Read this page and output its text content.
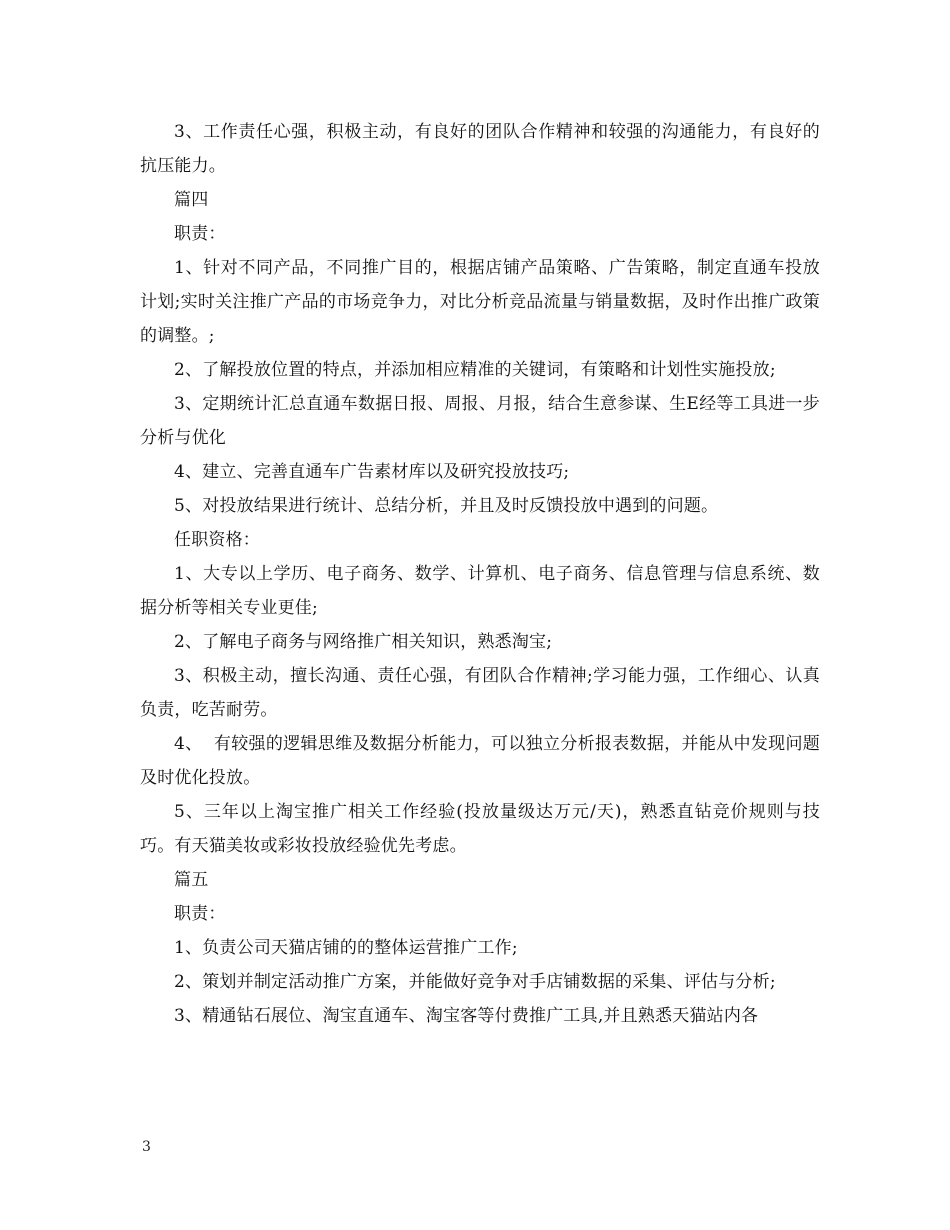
3、工作责任心强，积极主动，有良好的团队合作精神和较强的沟通能力，有良好的抗压能力。

篇四

职责：

1、针对不同产品，不同推广目的，根据店铺产品策略、广告策略，制定直通车投放计划;实时关注推广产品的市场竞争力，对比分析竞品流量与销量数据，及时作出推广政策的调整。;

2、了解投放位置的特点，并添加相应精准的关键词，有策略和计划性实施投放;

3、定期统计汇总直通车数据日报、周报、月报，结合生意参谋、生E经等工具进一步分析与优化

4、建立、完善直通车广告素材库以及研究投放技巧;

5、对投放结果进行统计、总结分析，并且及时反馈投放中遇到的问题。

任职资格：

1、大专以上学历、电子商务、数学、计算机、电子商务、信息管理与信息系统、数据分析等相关专业更佳;

2、了解电子商务与网络推广相关知识，熟悉淘宝;

3、积极主动，擅长沟通、责任心强，有团队合作精神;学习能力强，工作细心、认真负责，吃苦耐劳。

4、  有较强的逻辑思维及数据分析能力，可以独立分析报表数据，并能从中发现问题及时优化投放。

5、三年以上淘宝推广相关工作经验(投放量级达万元/天)，熟悉直钻竞价规则与技巧。有天猫美妆或彩妆投放经验优先考虑。

篇五

职责：

1、负责公司天猫店铺的的整体运营推广工作;

2、策划并制定活动推广方案，并能做好竞争对手店铺数据的采集、评估与分析;

3、精通钻石展位、淘宝直通车、淘宝客等付费推广工具,并且熟悉天猫站内各

3
